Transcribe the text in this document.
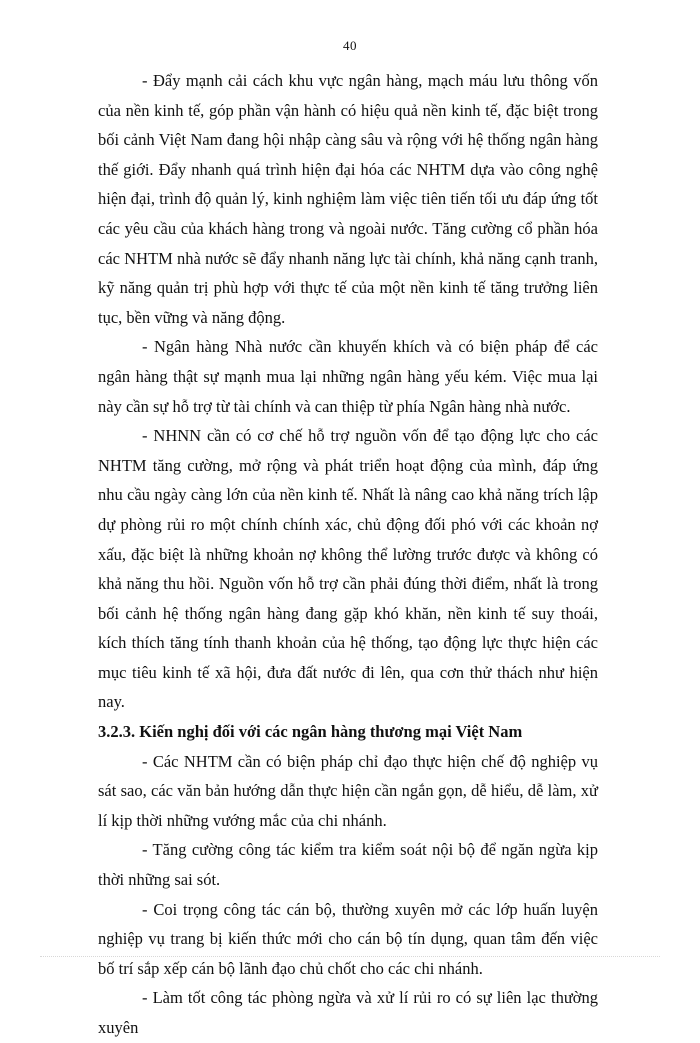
40

- Đẩy mạnh cải cách khu vực ngân hàng, mạch máu lưu thông vốn của nền kinh tế, góp phần vận hành có hiệu quả nền kinh tế, đặc biệt trong bối cảnh Việt Nam đang hội nhập càng sâu và rộng với hệ thống ngân hàng thế giới. Đẩy nhanh quá trình hiện đại hóa các NHTM dựa vào công nghệ hiện đại, trình độ quản lý, kinh nghiệm làm việc tiên tiến tối ưu đáp ứng tốt các yêu cầu của khách hàng trong và ngoài nước. Tăng cường cổ phần hóa các NHTM nhà nước sẽ đẩy nhanh năng lực tài chính, khả năng cạnh tranh, kỹ năng quản trị phù hợp với thực tế của một nền kinh tế tăng trưởng liên tục, bền vững và năng động.

- Ngân hàng Nhà nước cần khuyến khích và có biện pháp để các ngân hàng thật sự mạnh mua lại những ngân hàng yếu kém. Việc mua lại này cần sự hỗ trợ từ tài chính và can thiệp từ phía Ngân hàng nhà nước.

- NHNN cần có cơ chế hỗ trợ nguồn vốn để tạo động lực cho các NHTM tăng cường, mở rộng và phát triển hoạt động của mình, đáp ứng nhu cầu ngày càng lớn của nền kinh tế. Nhất là nâng cao khả năng trích lập dự phòng rủi ro một chính chính xác, chủ động đối phó với các khoản nợ xấu, đặc biệt là những khoản nợ không thể lường trước được và không có khả năng thu hồi. Nguồn vốn hỗ trợ cần phải đúng thời điểm, nhất là trong bối cảnh hệ thống ngân hàng đang gặp khó khăn, nền kinh tế suy thoái, kích thích tăng tính thanh khoản của hệ thống, tạo động lực thực hiện các mục tiêu kinh tế xã hội, đưa đất nước đi lên, qua cơn thử thách như hiện nay.

3.2.3. Kiến nghị đối với các ngân hàng thương mại Việt Nam

- Các NHTM cần có biện pháp chỉ đạo thực hiện chế độ nghiệp vụ sát sao, các văn bản hướng dẫn thực hiện cần ngắn gọn, dễ hiểu, dễ làm, xử lí kịp thời những vướng mắc của chi nhánh.

- Tăng cường công tác kiểm tra kiểm soát nội bộ để ngăn ngừa kịp thời những sai sót.

- Coi trọng công tác cán bộ, thường xuyên mở các lớp huấn luyện nghiệp vụ trang bị kiến thức mới cho cán bộ tín dụng, quan tâm đến việc bố trí sắp xếp cán bộ lãnh đạo chủ chốt cho các chi nhánh.

- Làm tốt công tác phòng ngừa và xử lí rủi ro có sự liên lạc thường xuyên
